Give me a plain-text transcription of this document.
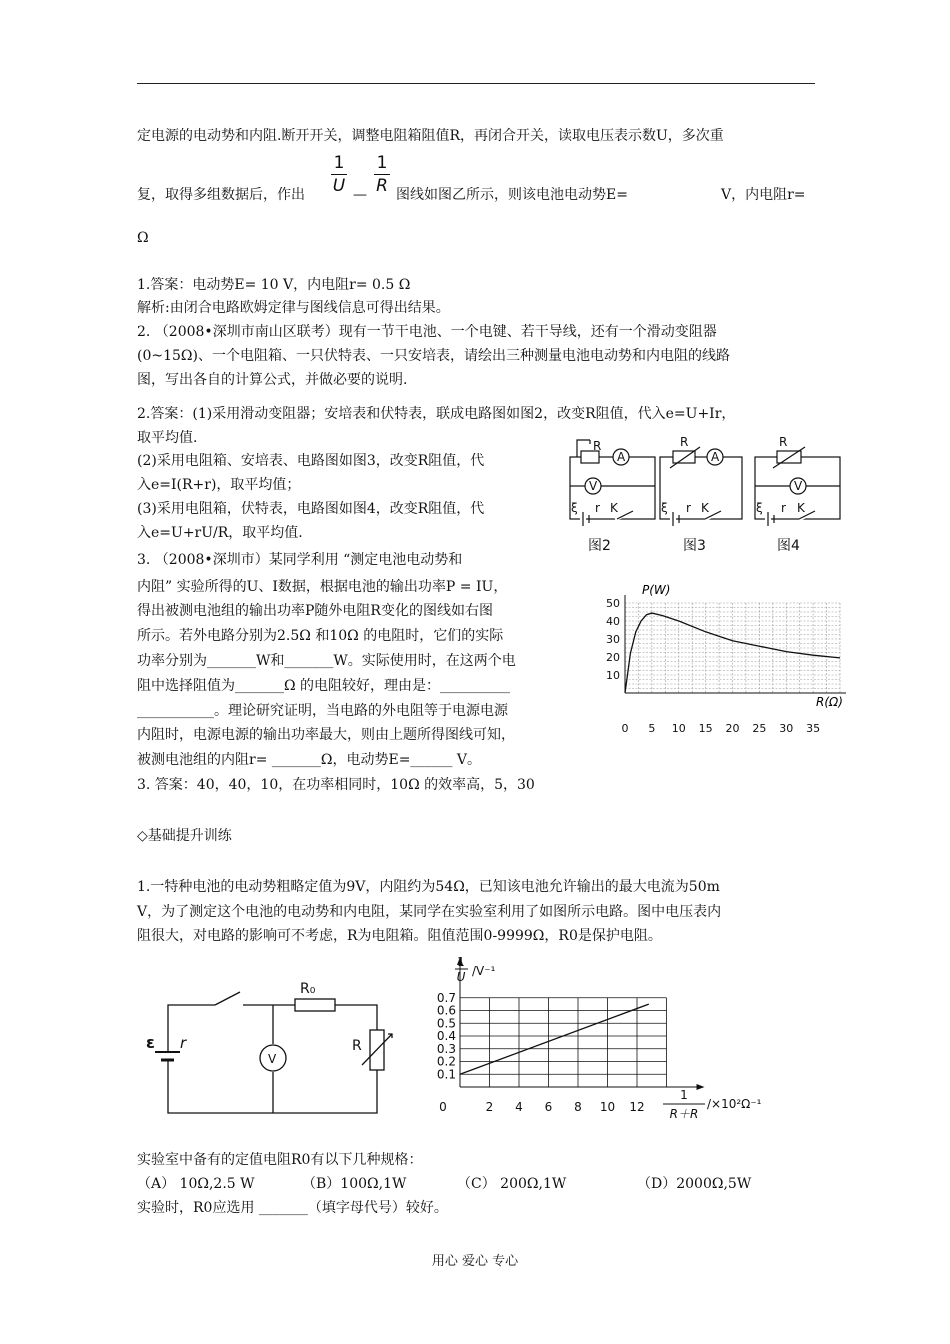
定电源的电动势和内阻.断开开关，调整电阻箱阻值R，再闭合开关，读取电压表示数U，多次重
复，取得多组数据后，作出
1
U —
1
R 图线如图乙所示，则该电池电动势E=	V，内电阻r=
Ω
1.答案：电动势E= 10 V，内电阻r= 0.5 Ω
解析:由闭合电路欧姆定律与图线信息可得出结果。
2. （2008•深圳市南山区联考）现有一节干电池、一个电键、若干导线，还有一个滑动变阻器
(0~15Ω)、一个电阻箱、一只伏特表、一只安培表，请绘出三种测量电池电动势和内电阻的线路
图，写出各自的计算公式，并做必要的说明.
2.答案：(1)采用滑动变阻器；安培表和伏特表，联成电路图如图2，改变R阻值，代入e=U+Ir，
取平均值.
(2)采用电阻箱、安培表、电路图如图3，改变R阻值，代
入e=I(R+r)，取平均值；
(3)采用电阻箱，伏特表，电路图如图4，改变R阻值，代
入e=U+rU/R，取平均值.
R
A
V
ξ r K
R
A
ξ r K
R
V
ξ r K
图2	图3	图4
3. （2008•深圳市）某同学利用 “测定电池电动势和
内阻” 实验所得的U、I数据，根据电池的输出功率P = IU，
得出被测电池组的输出功率P随外电阻R变化的图线如右图
所示。若外电路分别为2.5Ω 和10Ω 的电阻时，它们的实际
功率分别为_______W和_______W。实际使用时，在这两个电
阻中选择阻值为_______Ω 的电阻较好，理由是：__________
___________。理论研究证明，当电路的外电阻等于电源电源
内阻时，电源电源的输出功率最大，则由上题所得图线可知，
被测电池组的内阻r= _______Ω，电动势E=______ V。
3. 答案：40，40，10，在功率相同时，10Ω 的效率高，5，30
0 5 10 15 20 25 30 35
10
20
30
40
50
P(W)
R(Ω)
◇基础提升训练
1.一特种电池的电动势粗略定值为9V，内阻约为54Ω，已知该电池允许输出的最大电流为50m
V，为了测定这个电池的电动势和内电阻，某同学在实验室利用了如图所示电路。图中电压表内
阻很大，对电路的影响可不考虑，R为电阻箱。阻值范围0-9999Ω，R0是保护电阻。
ε r
R₀
R
V
0	2 4 6 8 10 12
0.1
0.2
0.3
0.4
0.5
0.6
0.7
1
U /V⁻¹
1
R＋R
/×10²Ω⁻¹
实验室中备有的定值电阻R0有以下几种规格：
（A） 10Ω,2.5 W	（B）100Ω,1W	（C） 200Ω,1W	（D）2000Ω,5W
实验时，R0应选用 _______（填字母代号）较好。
用心 爱心 专心
